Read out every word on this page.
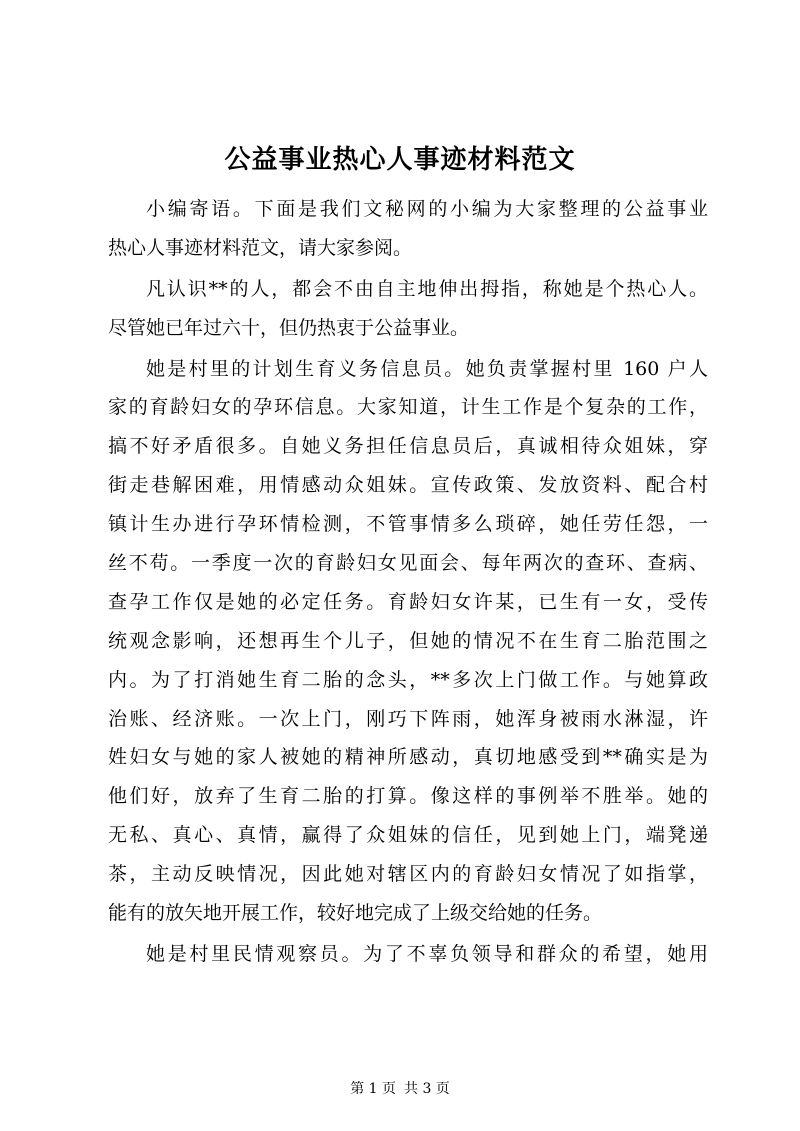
公益事业热心人事迹材料范文
小编寄语。下面是我们文秘网的小编为大家整理的公益事业
热心人事迹材料范文，请大家参阅。
凡认识**的人，都会不由自主地伸出拇指，称她是个热心人。
尽管她已年过六十，但仍热衷于公益事业。
她是村里的计划生育义务信息员。她负责掌握村里 160 户人
家的育龄妇女的孕环信息。大家知道，计生工作是个复杂的工作，
搞不好矛盾很多。自她义务担任信息员后，真诚相待众姐妹，穿
街走巷解困难，用情感动众姐妹。宣传政策、发放资料、配合村
镇计生办进行孕环情检测，不管事情多么琐碎，她任劳任怨，一
丝不苟。一季度一次的育龄妇女见面会、每年两次的查环、查病、
查孕工作仅是她的必定任务。育龄妇女许某，已生有一女，受传
统观念影响，还想再生个儿子，但她的情况不在生育二胎范围之
内。为了打消她生育二胎的念头，**多次上门做工作。与她算政
治账、经济账。一次上门，刚巧下阵雨，她浑身被雨水淋湿，许
姓妇女与她的家人被她的精神所感动，真切地感受到**确实是为
他们好，放弃了生育二胎的打算。像这样的事例举不胜举。她的
无私、真心、真情，赢得了众姐妹的信任，见到她上门，端凳递
茶，主动反映情况，因此她对辖区内的育龄妇女情况了如指掌，
能有的放矢地开展工作，较好地完成了上级交给她的任务。
她是村里民情观察员。为了不辜负领导和群众的希望，她用
第 1 页 共 3 页
